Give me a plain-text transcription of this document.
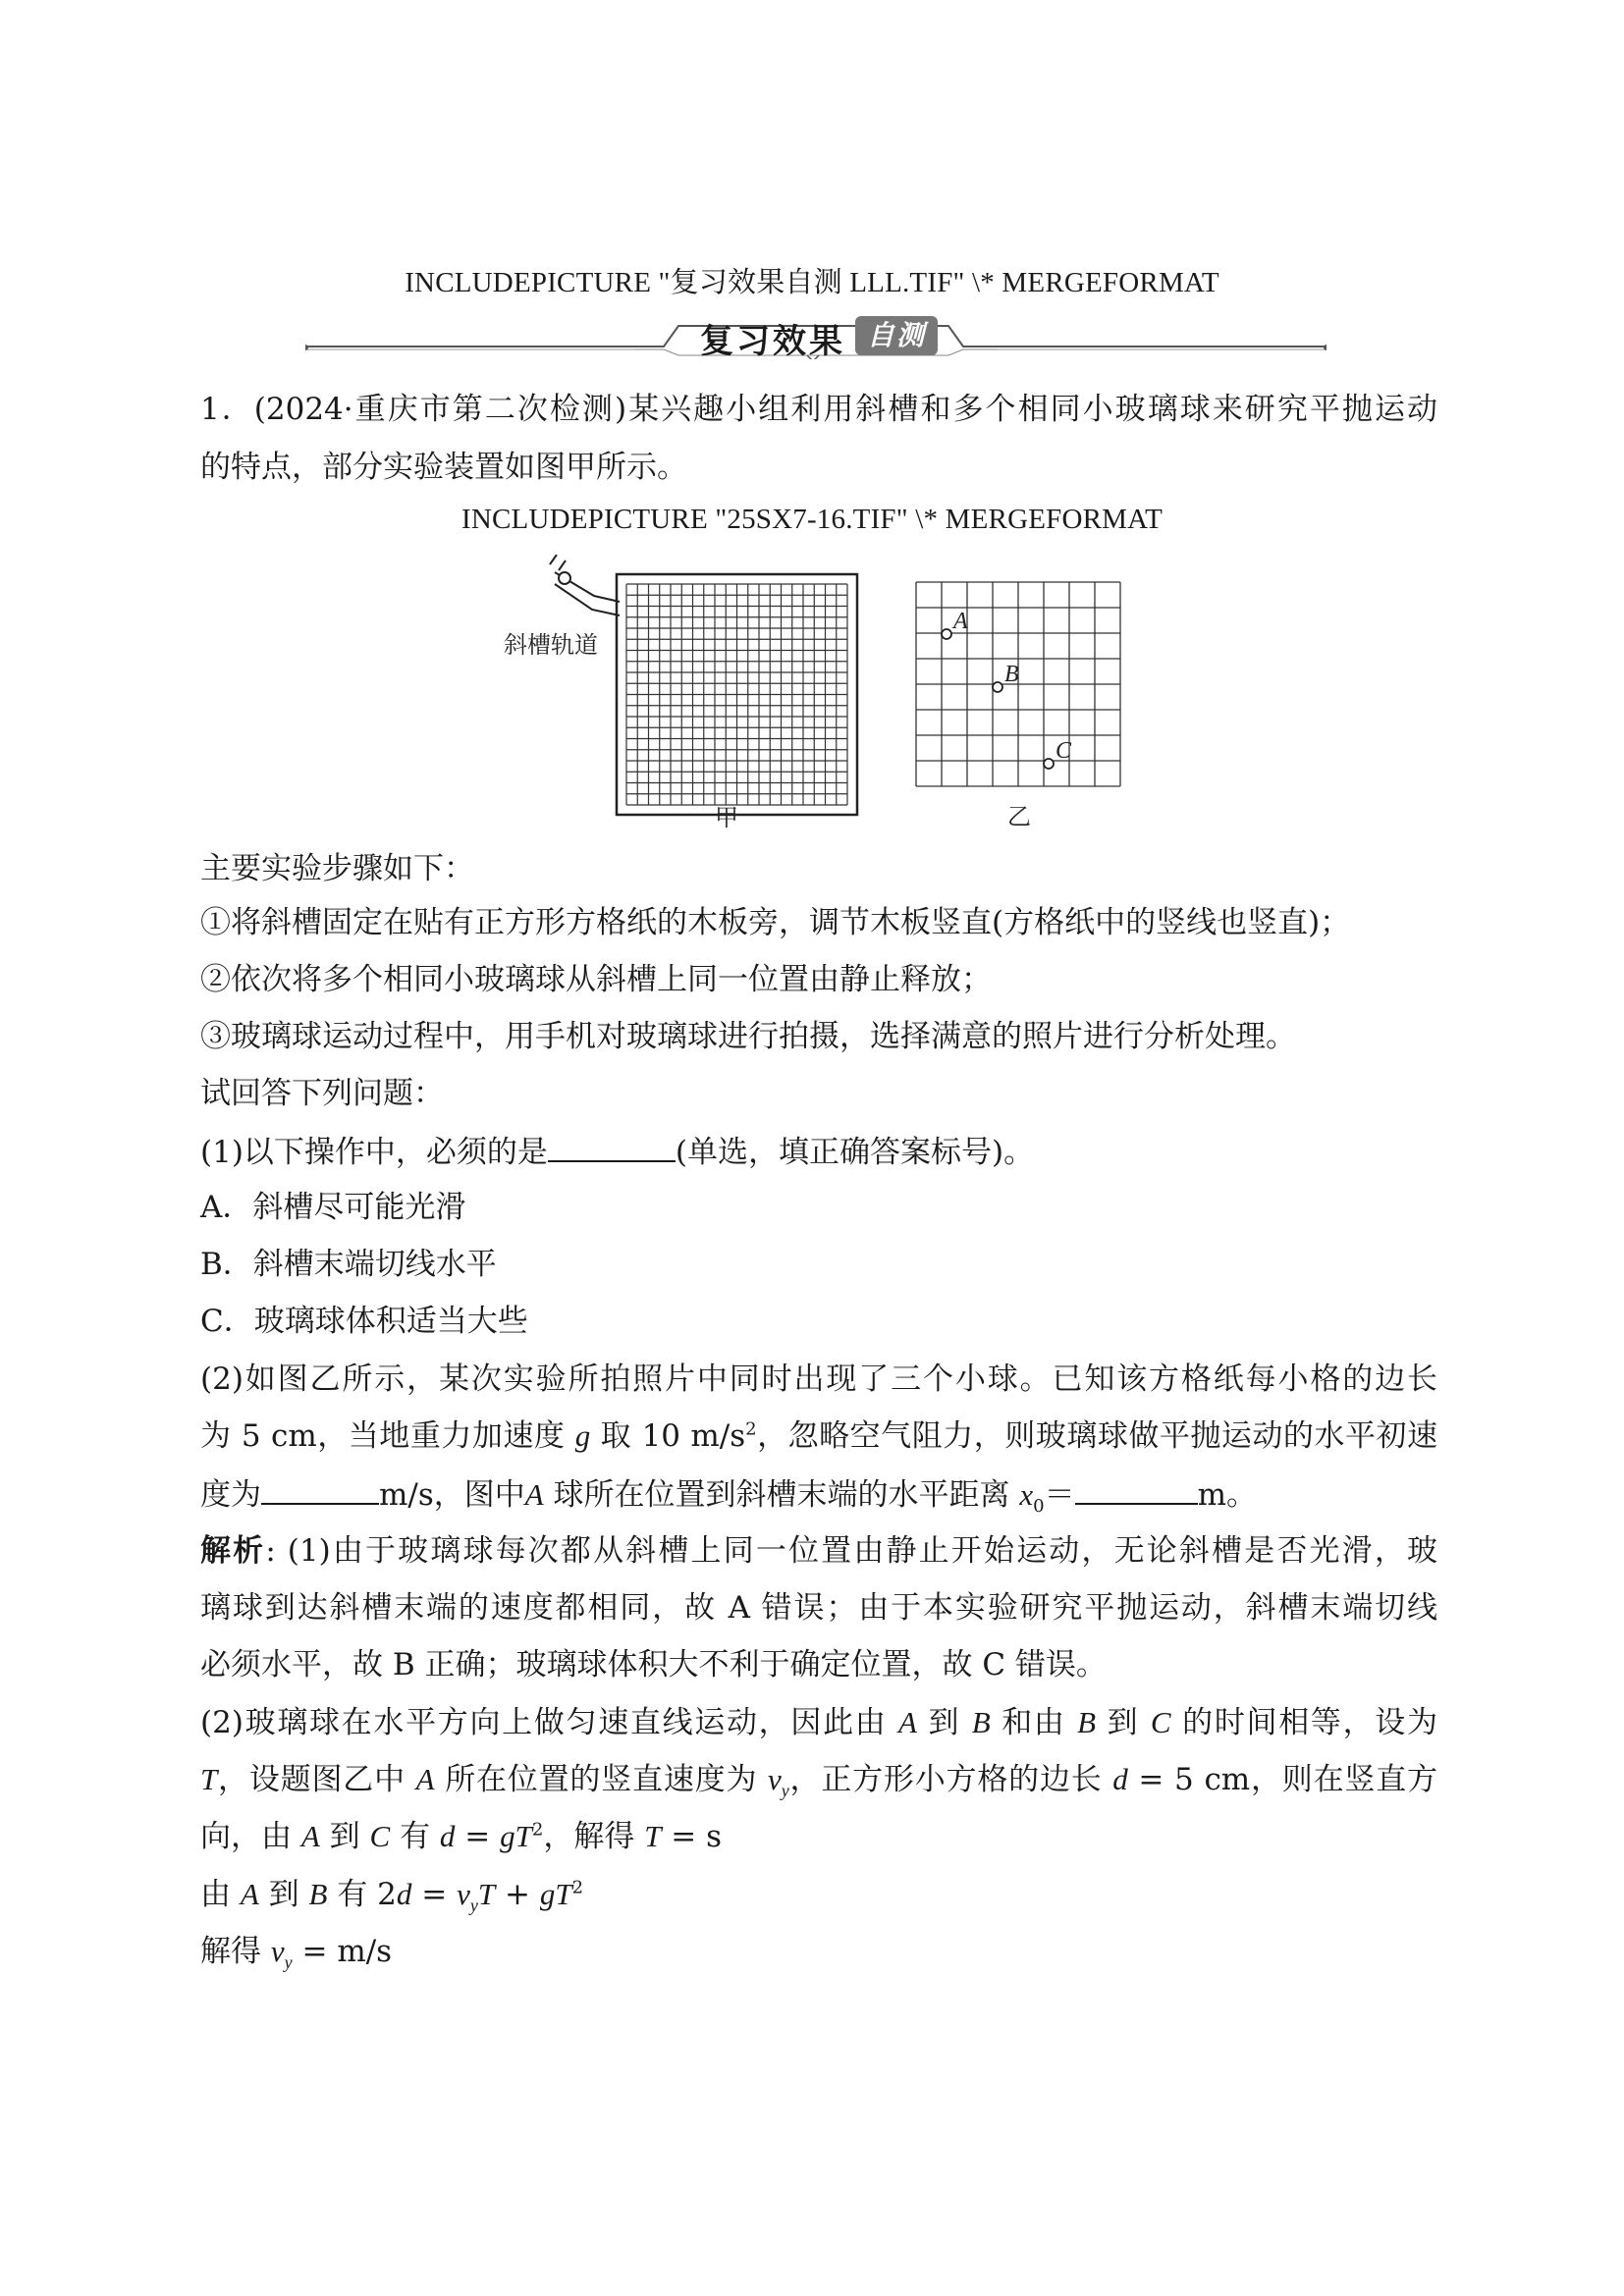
INCLUDEPICTURE "复习效果自测 LLL.TIF" \* MERGEFORMAT
复习效果 自测
1．(2024·重庆市第二次检测)某兴趣小组利用斜槽和多个相同小玻璃球来研究平抛运动
的特点，部分实验装置如图甲所示。
INCLUDEPICTURE "25SX7-16.TIF" \* MERGEFORMAT
斜槽轨道
甲
A
B
C
乙
主要实验步骤如下：
①将斜槽固定在贴有正方形方格纸的木板旁，调节木板竖直(方格纸中的竖线也竖直)；
②依次将多个相同小玻璃球从斜槽上同一位置由静止释放；
③玻璃球运动过程中，用手机对玻璃球进行拍摄，选择满意的照片进行分析处理。
试回答下列问题：
(1)以下操作中，必须的是	(单选，填正确答案标号)。
A．斜槽尽可能光滑
B．斜槽末端切线水平
C．玻璃球体积适当大些
(2)如图乙所示，某次实验所拍照片中同时出现了三个小球。已知该方格纸每小格的边长
为 5 cm，当地重力加速度 g 取 10 $m/s^2$，忽略空气阻力，则玻璃球做平抛运动的水平初速
度为	m/s，图中A 球所在位置到斜槽末端的水平距离 $x_0=$	m。
解析: (1)由于玻璃球每次都从斜槽上同一位置由静止开始运动，无论斜槽是否光滑，玻
璃球到达斜槽末端的速度都相同，故 A 错误；由于本实验研究平抛运动，斜槽末端切线
必须水平，故 B 正确；玻璃球体积大不利于确定位置，故 C 错误。
(2)玻璃球在水平方向上做匀速直线运动，因此由 A 到 B 和由 B 到 C 的时间相等，设为
T，设题图乙中 A 所在位置的竖直速度为 $v_y$，正方形小方格的边长 d = 5 cm，则在竖直方
向，由 A 到 C 有 $d = gT^2$，解得 T = s
由 A 到 B 有 $2d = v_yT + gT^2$
解得 $v_y = m/s$
